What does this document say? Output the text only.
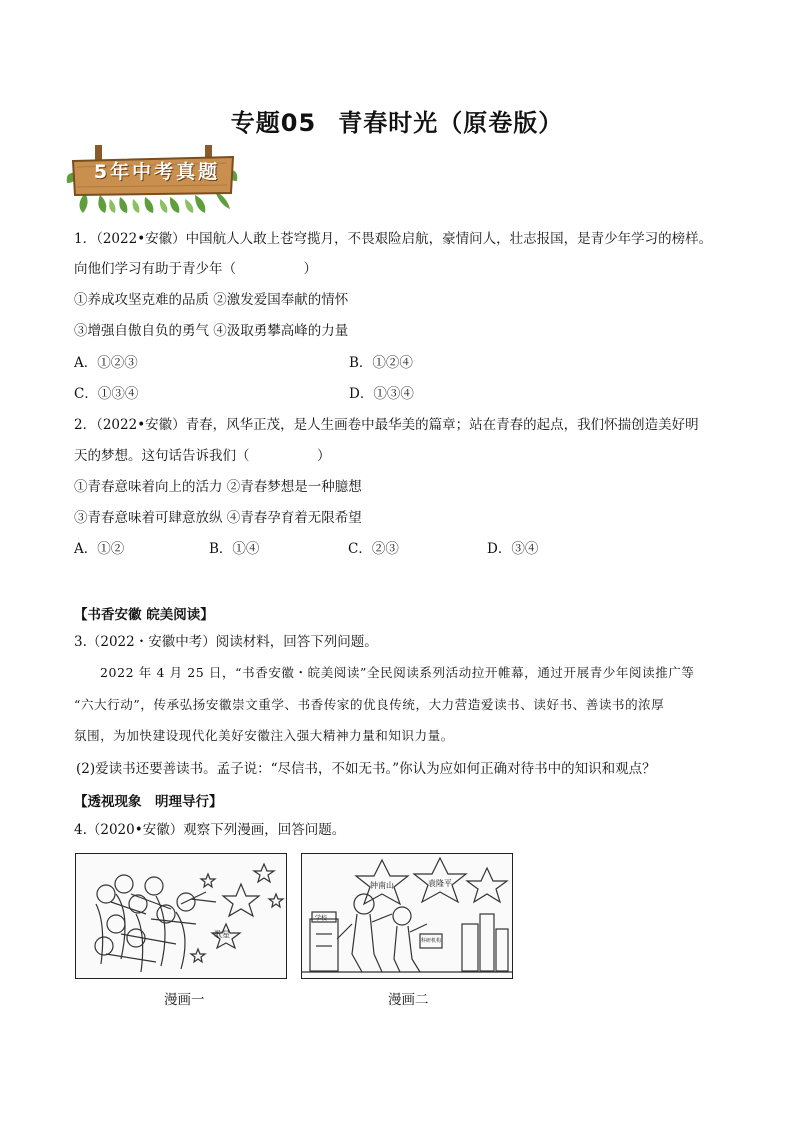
专题05 青春时光（原卷版）
5年中考真题
1．（2022•安徽）中国航人人敢上苍穹揽月，不畏艰险启航，豪情问人，壮志报国，是青少年学习的榜样。
向他们学习有助于青少年（　　　　　）
①养成攻坚克难的品质 ②激发爱国奉献的情怀
③增强自傲自负的勇气 ④汲取勇攀高峰的力量
A．①②③	B．①②④
C．①③④	D．①③④
2．（2022•安徽）青春，风华正茂，是人生画卷中最华美的篇章；站在青春的起点，我们怀揣创造美好明
天的梦想。这句话告诉我们（　　　　　）
①青春意味着向上的活力 ②青春梦想是一种臆想
③青春意味着可肆意放纵 ④青春孕育着无限希望
A．①②	B．①④	C．②③	D．③④
【书香安徽 皖美阅读】
3.（2022・安徽中考）阅读材料，回答下列问题。
2022 年 4 月 25 日，“书香安徽・皖美阅读”全民阅读系列活动拉开帷幕，通过开展青少年阅读推广等
“六大行动”，传承弘扬安徽崇文重学、书香传家的优良传统，大力营造爱读书、读好书、善读书的浓厚
氛围，为加快建设现代化美好安徽注入强大精神力量和知识力量。
(2)爱读书还要善读书。孟子说：“尽信书，不如无书。”你认为应如何正确对待书中的知识和观点？
【透视现象　明理导行】
4.（2020•安徽）观察下列漫画，回答问题。
歌星
钟南山	袁隆平
学校
科研机构
漫画一	漫画二
